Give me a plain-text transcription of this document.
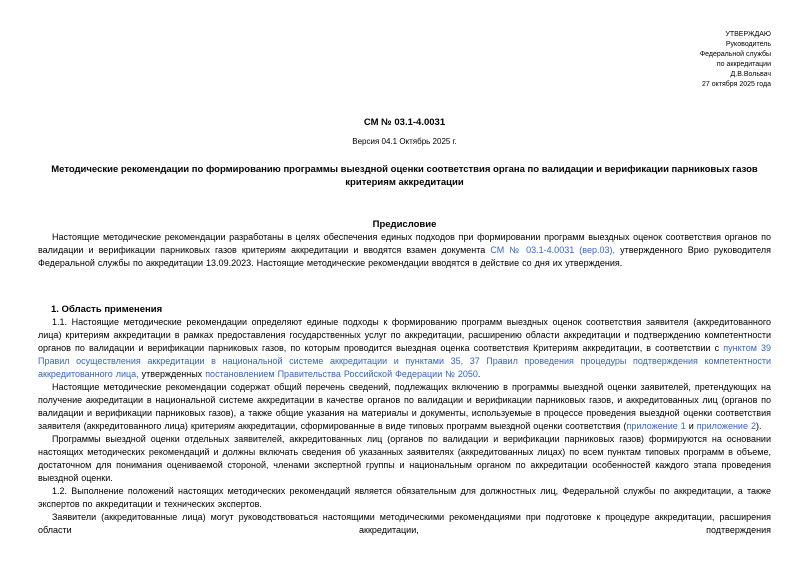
УТВЕРЖДАЮ
Руководитель
Федеральной службы
по аккредитации
Д.В.Вольвач
27 октября 2025 года
СМ № 03.1-4.0031
Версия 04.1 Октябрь 2025 г.
Методические рекомендации по формированию программы выездной оценки соответствия органа по валидации и верификации парниковых газов критериям аккредитации
Предисловие

Настоящие методические рекомендации разработаны в целях обеспечения единых подходов при формировании программ выездных оценок соответствия органов по валидации и верификации парниковых газов критериям аккредитации и вводятся взамен документа СМ № 03.1-4.0031 (вер.03), утвержденного Врио руководителя Федеральной службы по аккредитации 13.09.2023. Настоящие методические рекомендации вводятся в действие со дня их утверждения.

1. Область применения

1.1. Настоящие методические рекомендации определяют единые подходы к формированию программ выездных оценок соответствия заявителя (аккредитованного лица) критериям аккредитации в рамках предоставления государственных услуг по аккредитации, расширению области аккредитации и подтверждению компетентности органов по валидации и верификации парниковых газов, по которым проводится выездная оценка соответствия Критериям аккредитации, в соответствии с пунктом 39 Правил осуществления аккредитации в национальной системе аккредитации и пунктами 35, 37 Правил проведения процедуры подтверждения компетентности аккредитованного лица, утвержденных постановлением Правительства Российской Федерации № 2050.

Настоящие методические рекомендации содержат общий перечень сведений, подлежащих включению в программы выездной оценки заявителей, претендующих на получение аккредитации в национальной системе аккредитации в качестве органов по валидации и верификации парниковых газов, и аккредитованных лиц (органов по валидации и верификации парниковых газов), а также общие указания на материалы и документы, используемые в процессе проведения выездной оценки соответствия заявителя (аккредитованного лица) критериям аккредитации, сформированные в виде типовых программ выездной оценки соответствия (приложение 1 и приложение 2).

Программы выездной оценки отдельных заявителей, аккредитованных лиц (органов по валидации и верификации парниковых газов) формируются на основании настоящих методических рекомендаций и должны включать сведения об указанных заявителях (аккредитованных лицах) по всем пунктам типовых программ в объеме, достаточном для понимания оцениваемой стороной, членами экспертной группы и национальным органом по аккредитации особенностей каждого этапа проведения выездной оценки.

1.2. Выполнение положений настоящих методических рекомендаций является обязательным для должностных лиц, Федеральной службы по аккредитации, а также экспертов по аккредитации и технических экспертов.

Заявители (аккредитованные лица) могут руководствоваться настоящими методическими рекомендациями при подготовке к процедуре аккредитации, расширения области аккредитации, подтверждения
